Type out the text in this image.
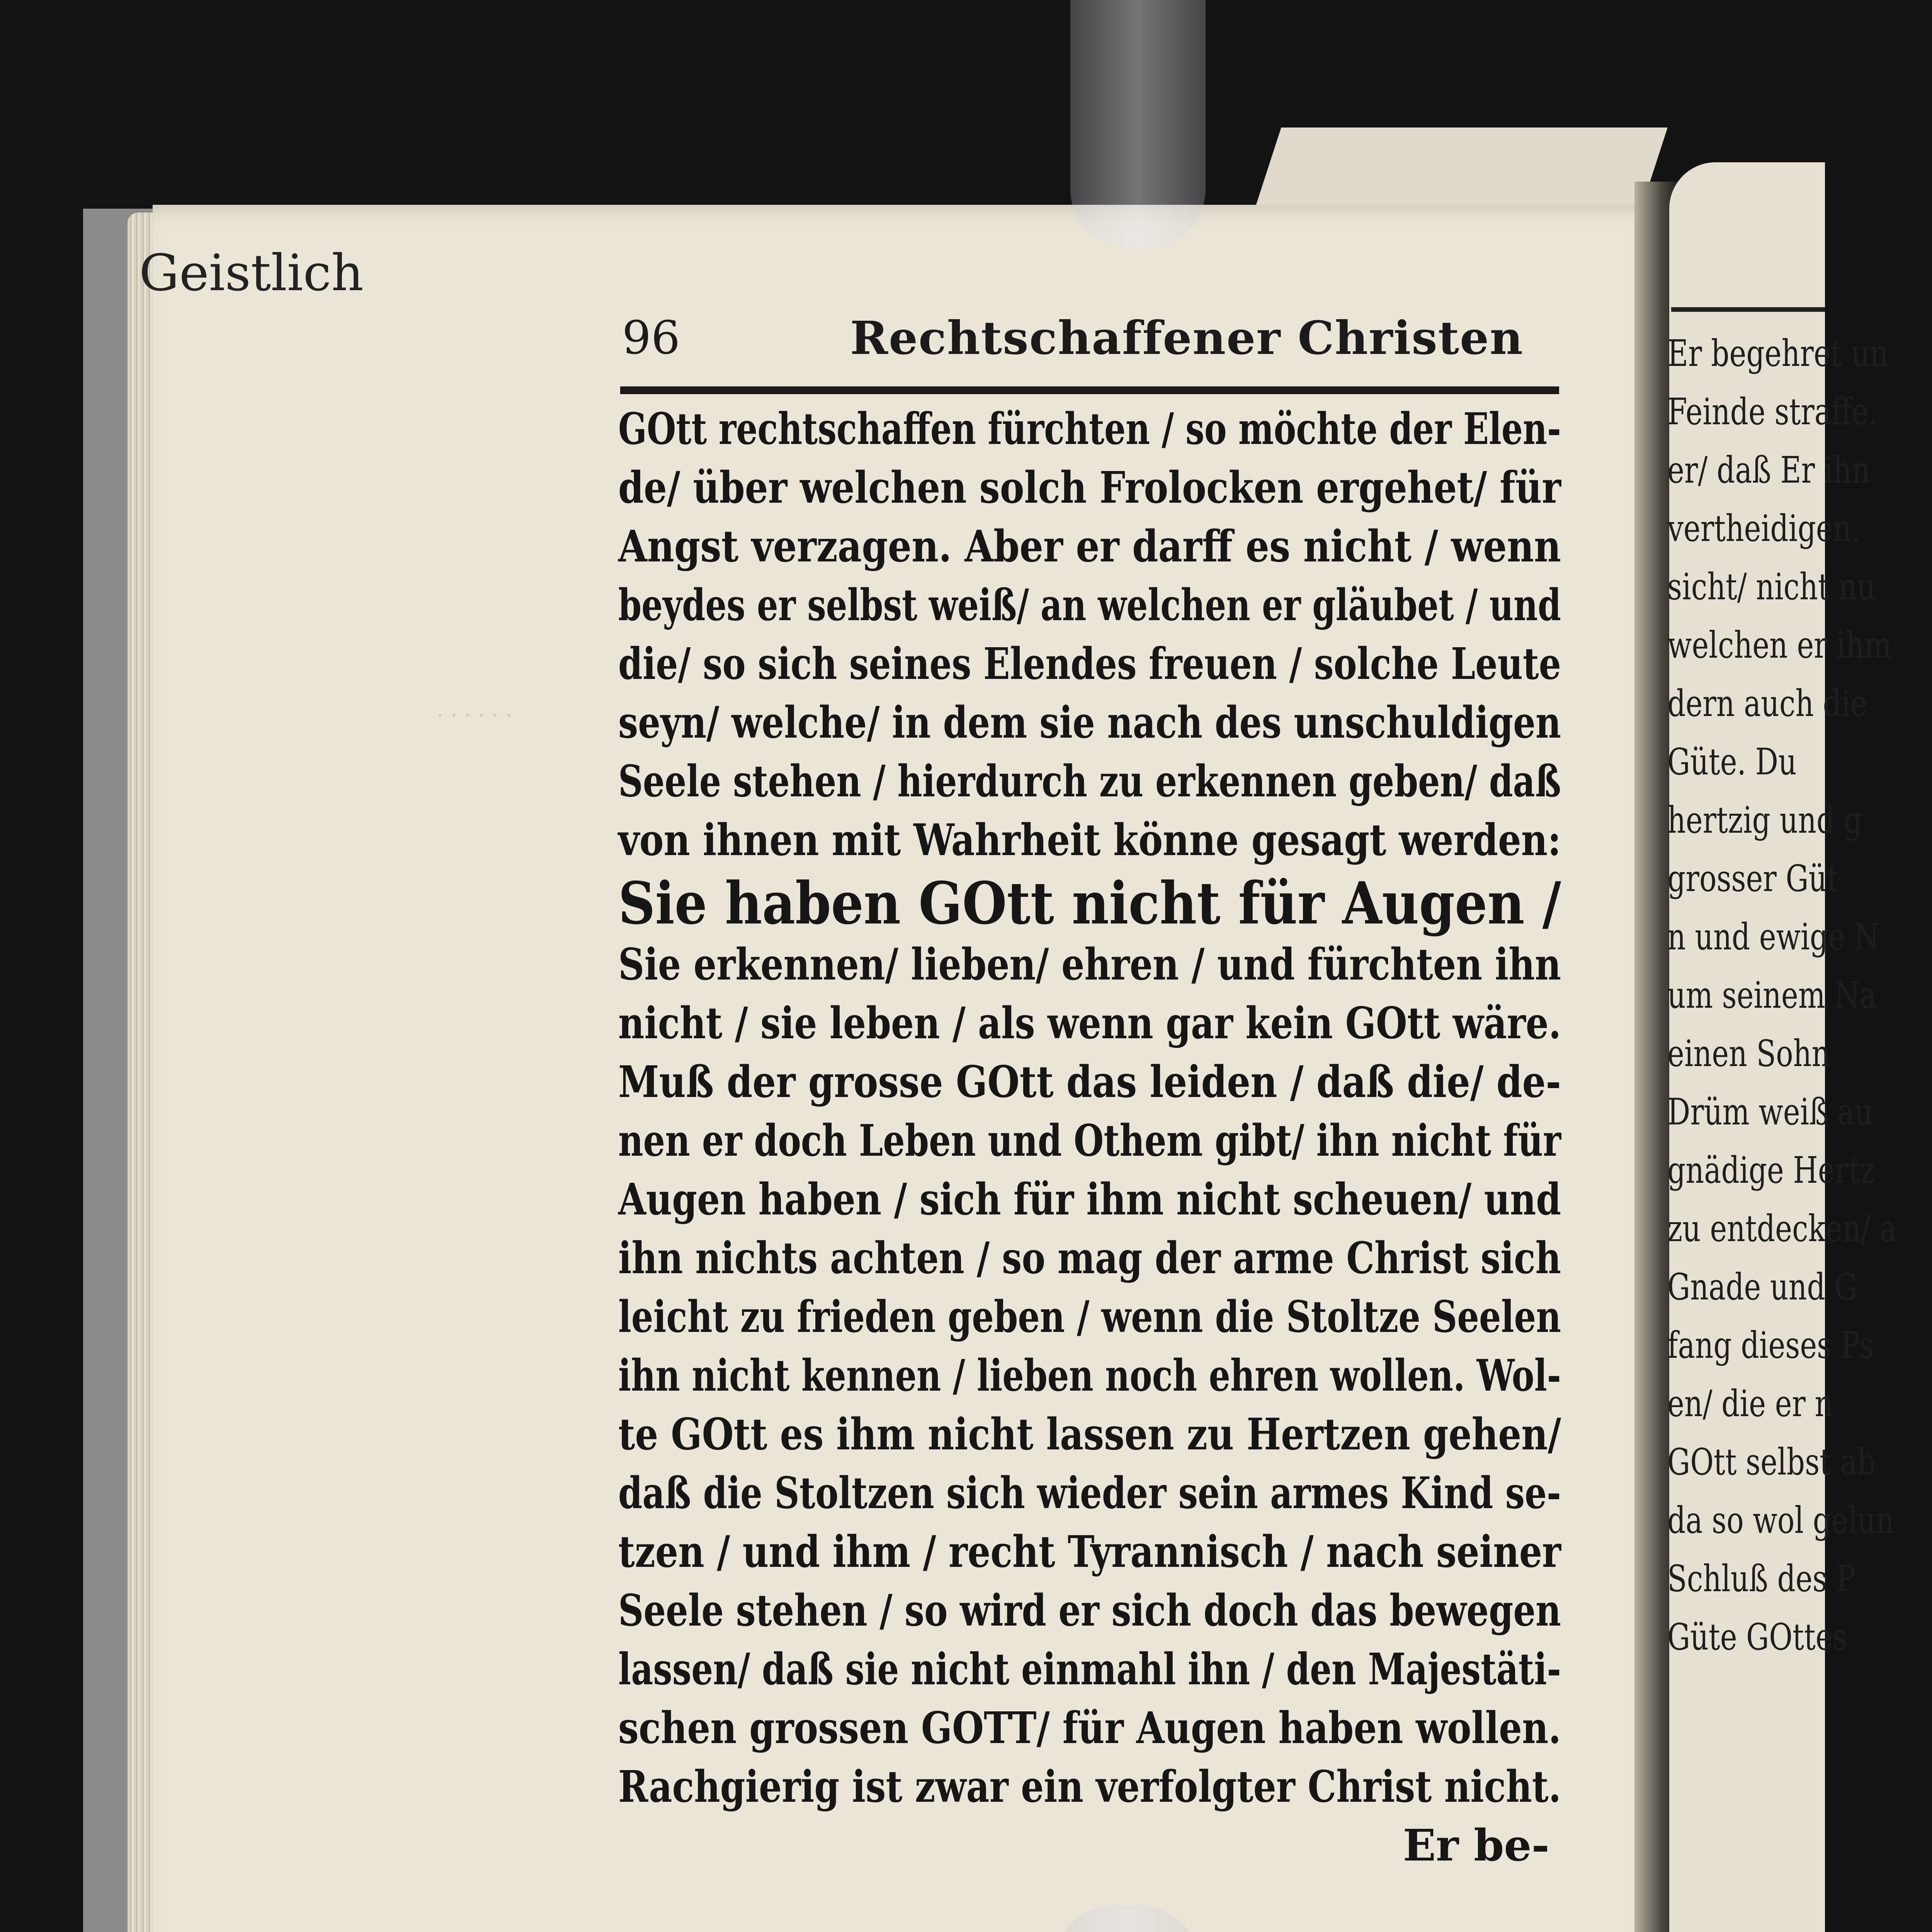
Geistlich
Er begehret un
Feinde straffe.
er/ daß Er ihn
vertheidigen.
sicht/ nicht nu
welchen er ihm
dern auch die
Güte. Du
hertzig und g
grosser Güt
n und ewige N
um seinem Na
einen Sohn
Drüm weiß au
gnädige Hertz
zu entdecken/ a
Gnade und G
fang dieses Ps
en/ die er n
GOtt selbst ab
da so wol gelun
Schluß des P
Güte GOttes
· · · · · ·
96	Rechtschaffener Christen
GOtt rechtschaffen fürchten / so möchte der Elen-
de/ über welchen solch Frolocken ergehet/ für
Angst verzagen. Aber er darff es nicht / wenn
beydes er selbst weiß/ an welchen er gläubet / und
die/ so sich seines Elendes freuen / solche Leute
seyn/ welche/ in dem sie nach des unschuldigen
Seele stehen / hierdurch zu erkennen geben/ daß
von ihnen mit Wahrheit könne gesagt werden:
Sie haben GOtt nicht für Augen /
Sie erkennen/ lieben/ ehren / und fürchten ihn
nicht / sie leben / als wenn gar kein GOtt wäre.
Muß der grosse GOtt das leiden / daß die/ de-
nen er doch Leben und Othem gibt/ ihn nicht für
Augen haben / sich für ihm nicht scheuen/ und
ihn nichts achten / so mag der arme Christ sich
leicht zu frieden geben / wenn die Stoltze Seelen
ihn nicht kennen / lieben noch ehren wollen. Wol-
te GOtt es ihm nicht lassen zu Hertzen gehen/
daß die Stoltzen sich wieder sein armes Kind se-
tzen / und ihm / recht Tyrannisch / nach seiner
Seele stehen / so wird er sich doch das bewegen
lassen/ daß sie nicht einmahl ihn / den Majestäti-
schen grossen GOTT/ für Augen haben wollen.
Rachgierig ist zwar ein verfolgter Christ nicht.
Er be-
